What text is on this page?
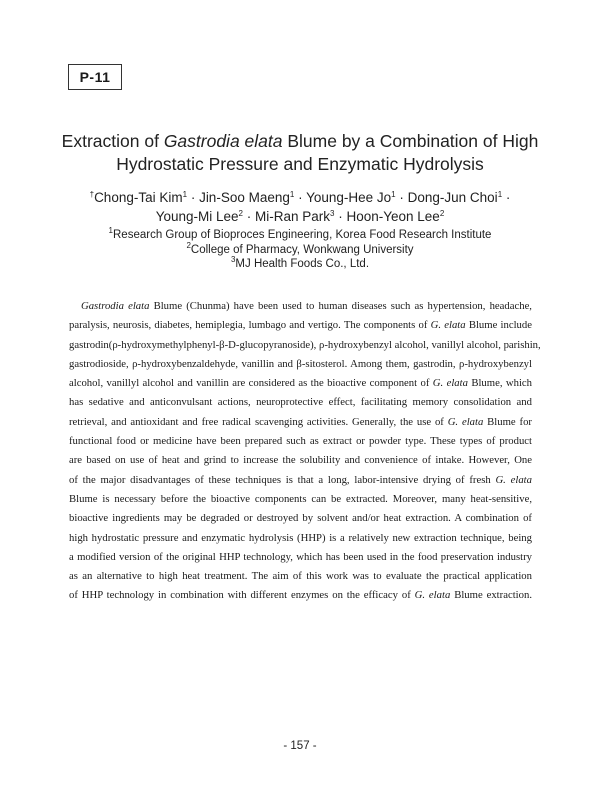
P-11
Extraction of Gastrodia elata Blume by a Combination of High
Hydrostatic Pressure and Enzymatic Hydrolysis
†Chong-Tai Kim$^1$ · Jin-Soo Maeng$^1$ · Young-Hee $Jo^1$ · Dong-Jun Choi$^1$ ·
Young-Mi Lee$^2$ · Mi-Ran Park$^3$ · Hoon-Yeon Lee$^2$
$^1$Research Group of Bioproces Engineering, Korea Food Research Institute
$^2$College of Pharmacy, Wonkwang University
$^3$MJ Health Foods Co., Ltd.
Gastrodia elata Blume (Chunma) have been used to human diseases such as hypertension, headache,
paralysis, neurosis, diabetes, hemiplegia, lumbago and vertigo. The components of G. elata Blume include
gastrodin(ρ-hydroxymethylphenyl-β-D-glucopyranoside), ρ-hydroxybenzyl alcohol, vanillyl alcohol, parishin,
gastrodioside, ρ-hydroxybenzaldehyde, vanillin and β-sitosterol. Among them, gastrodin, ρ-hydroxybenzyl
alcohol, vanillyl alcohol and vanillin are considered as the bioactive component of G. elata Blume, which
has sedative and anticonvulsant actions, neuroprotective effect, facilitating memory consolidation and
retrieval, and antioxidant and free radical scavenging activities. Generally, the use of G. elata Blume for
functional food or medicine have been prepared such as extract or powder type. These types of product
are based on use of heat and grind to increase the solubility and convenience of intake. However, One
of the major disadvantages of these techniques is that a long, labor-intensive drying of fresh G. elata
Blume is necessary before the bioactive components can be extracted. Moreover, many heat-sensitive,
bioactive ingredients may be degraded or destroyed by solvent and/or heat extraction. A combination of
high hydrostatic pressure and enzymatic hydrolysis (HHP) is a relatively new extraction technique, being
a modified version of the original HHP technology, which has been used in the food preservation industry
as an alternative to high heat treatment. The aim of this work was to evaluate the practical application
of HHP technology in combination with different enzymes on the efficacy of G. elata Blume extraction.
- 157 -
